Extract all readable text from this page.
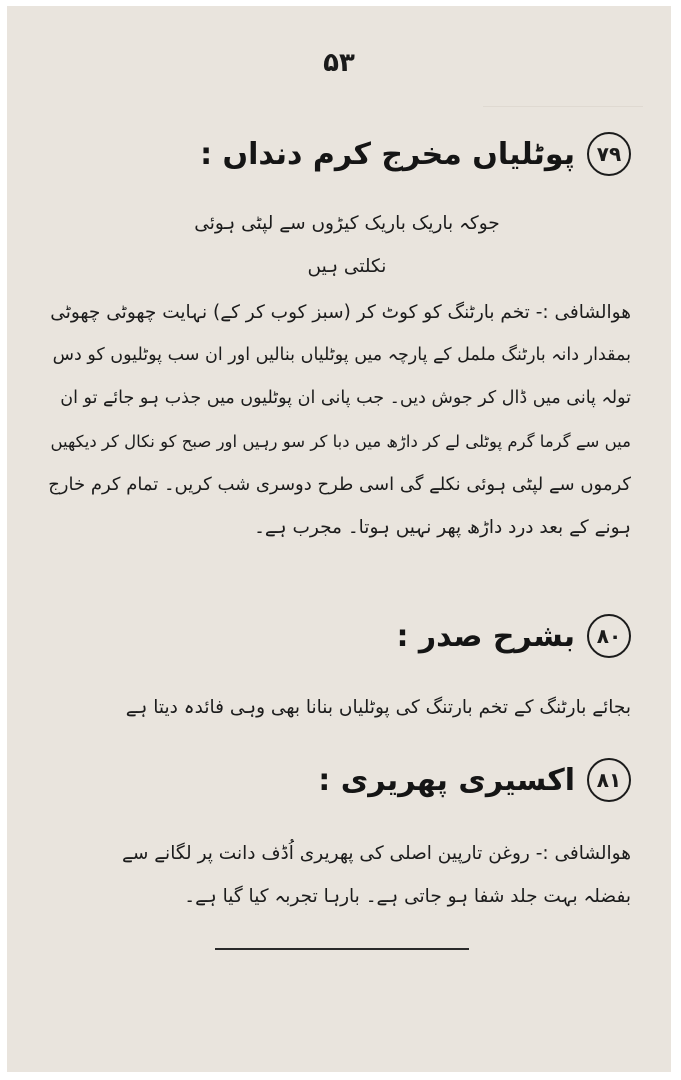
۵۳
۷۹
پوٹلیاں مخرج کرم دنداں :
جوکہ باریک باریک کیڑوں سے لپٹی ہوئی
نکلتی ہیں
ھوالشافی :- تخم بارٹنگ کو کوٹ کر (سبز کوب کر کے) نہایت چھوٹی چھوٹی
بمقدار دانہ بارٹنگ ململ کے پارچہ میں پوٹلیاں بنالیں اور ان سب پوٹلیوں کو دس
تولہ پانی میں ڈال کر جوش دیں۔ جب پانی ان پوٹلیوں میں جذب ہو جائے تو ان
میں سے گرما گرم پوٹلی لے کر داڑھ میں دبا کر سو رہیں اور صبح کو نکال کر دیکھیں
کرموں سے لپٹی ہوئی نکلے گی اسی طرح دوسری شب کریں۔ تمام کرم خارج
ہونے کے بعد درد داڑھ پھر نہیں ہوتا۔ مجرب ہے۔
۸۰
بشرح صدر :
بجائے بارٹنگ کے تخم بارتنگ کی پوٹلیاں بنانا بھی وہی فائدہ دیتا ہے
۸۱
اکسیری پھریری :
ھوالشافی :- روغن تارپین اصلی کی پھریری اُڈف دانت پر لگانے سے
بفضلہ بہت جلد شفا ہو جاتی ہے۔ بارہا تجربہ کیا گیا ہے۔
